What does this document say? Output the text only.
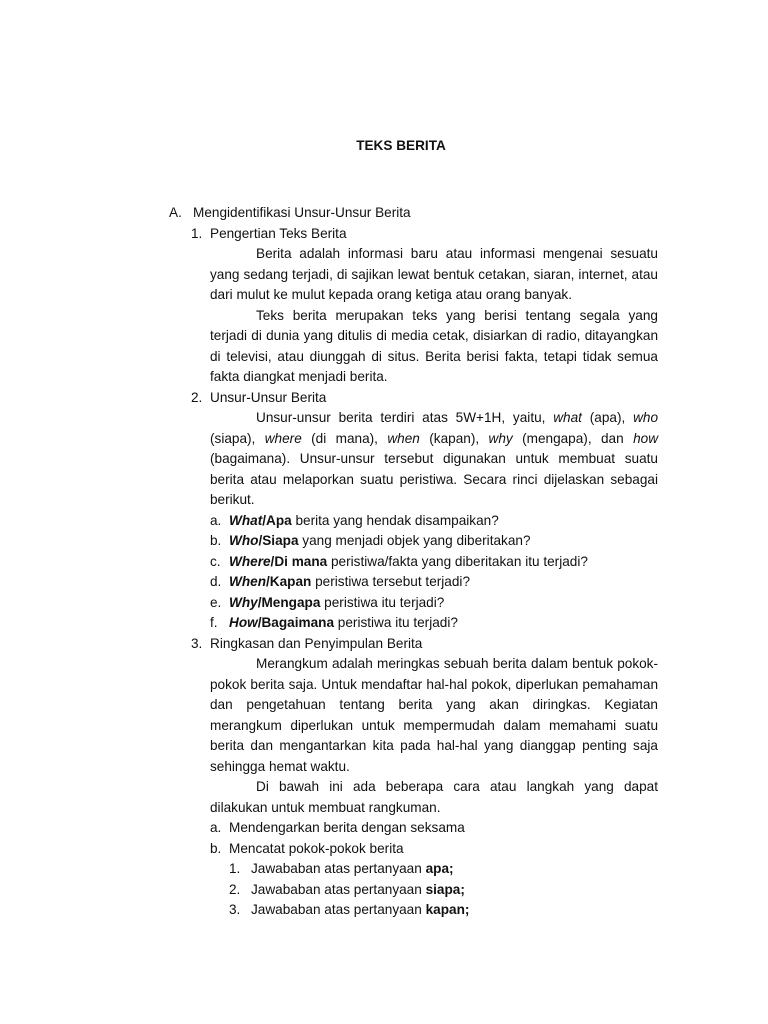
TEKS BERITA
A. Mengidentifikasi Unsur-Unsur Berita
1. Pengertian Teks Berita

Berita adalah informasi baru atau informasi mengenai sesuatu yang sedang terjadi, di sajikan lewat bentuk cetakan, siaran, internet, atau dari mulut ke mulut kepada orang ketiga atau orang banyak.

Teks berita merupakan teks yang berisi tentang segala yang terjadi di dunia yang ditulis di media cetak, disiarkan di radio, ditayangkan di televisi, atau diunggah di situs. Berita berisi fakta, tetapi tidak semua fakta diangkat menjadi berita.

2. Unsur-Unsur Berita

Unsur-unsur berita terdiri atas 5W+1H, yaitu, what (apa), who (siapa), where (di mana), when (kapan), why (mengapa), dan how (bagaimana). Unsur-unsur tersebut digunakan untuk membuat suatu berita atau melaporkan suatu peristiwa. Secara rinci dijelaskan sebagai berikut.

a. What/Apa berita yang hendak disampaikan?
b. Who/Siapa yang menjadi objek yang diberitakan?
c. Where/Di mana peristiwa/fakta yang diberitakan itu terjadi?
d. When/Kapan peristiwa tersebut terjadi?
e. Why/Mengapa peristiwa itu terjadi?
f. How/Bagaimana peristiwa itu terjadi?
3. Ringkasan dan Penyimpulan Berita

Merangkum adalah meringkas sebuah berita dalam bentuk pokok-pokok berita saja. Untuk mendaftar hal-hal pokok, diperlukan pemahaman dan pengetahuan tentang berita yang akan diringkas. Kegiatan merangkum diperlukan untuk mempermudah dalam memahami suatu berita dan mengantarkan kita pada hal-hal yang dianggap penting saja sehingga hemat waktu.

Di bawah ini ada beberapa cara atau langkah yang dapat dilakukan untuk membuat rangkuman.

a. Mendengarkan berita dengan seksama
b. Mencatat pokok-pokok berita
1. Jawababan atas pertanyaan apa;
2. Jawababan atas pertanyaan siapa;
3. Jawababan atas pertanyaan kapan;
